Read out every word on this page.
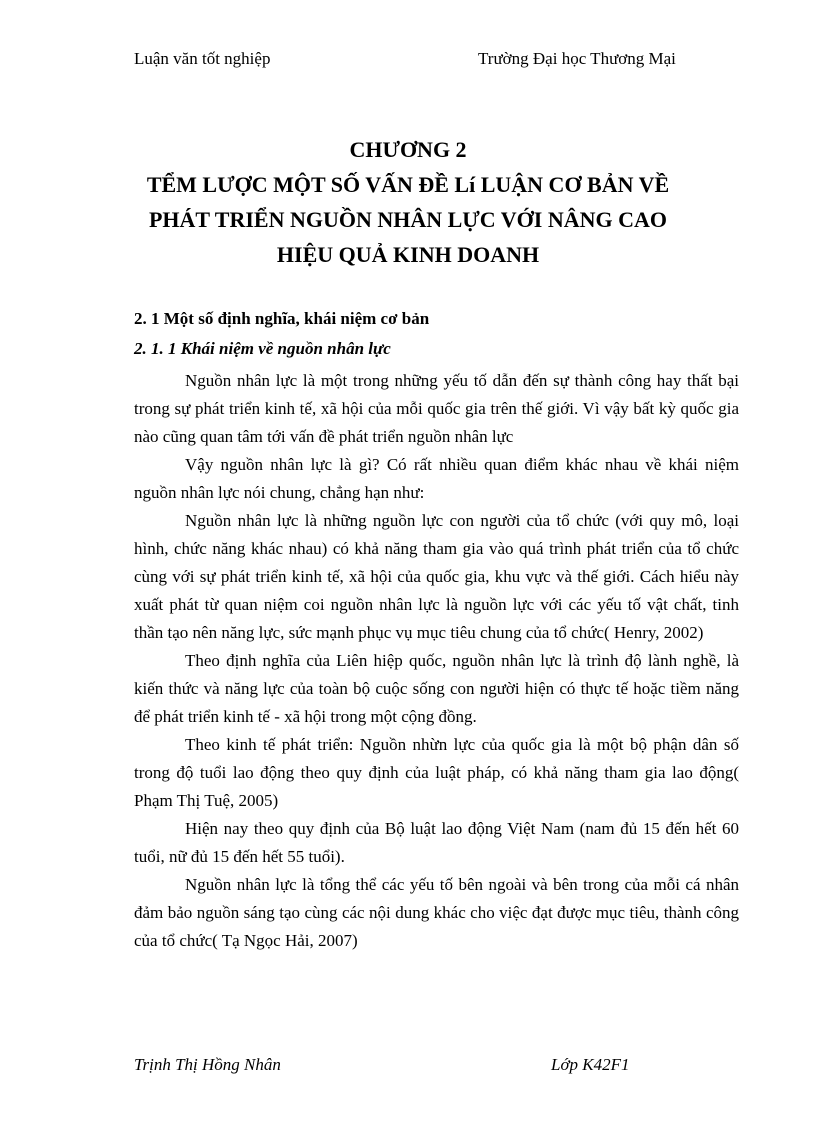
Luận văn tốt nghiệp	Trường Đại học Thương Mại
CHƯƠNG 2
TỂM LƯỢC MỘT SỐ VẤN ĐỀ Lí LUẬN CƠ BẢN VỀ
PHÁT TRIỂN NGUỒN NHÂN LỰC VỚI NÂNG CAO
HIỆU QUẢ KINH DOANH
2. 1 Một số định nghĩa, khái niệm cơ bản
2. 1. 1 Khái niệm về nguồn nhân lực

Nguồn nhân lực là một trong những yếu tố dẫn đến sự thành công hay thất bại trong sự phát triển kinh tế, xã hội của mỗi quốc gia trên thế giới. Vì vậy bất kỳ quốc gia nào cũng quan tâm tới vấn đề phát triển nguồn nhân lực

Vậy nguồn nhân lực là gì? Có rất nhiều quan điểm khác nhau về khái niệm nguồn nhân lực nói chung, chẳng hạn như:

Nguồn nhân lực là những nguồn lực con người của tổ chức (với quy mô, loại hình, chức năng khác nhau) có khả năng tham gia vào quá trình phát triển của tổ chức cùng với sự phát triển kinh tế, xã hội của quốc gia, khu vực và thế giới. Cách hiểu này xuất phát từ quan niệm coi nguồn nhân lực là nguồn lực với các yếu tố vật chất, tinh thần tạo nên năng lực, sức mạnh phục vụ mục tiêu chung của tổ chức( Henry, 2002)

Theo định nghĩa của Liên hiệp quốc, nguồn nhân lực là trình độ lành nghề, là kiến thức và năng lực của toàn bộ cuộc sống con người hiện có thực tế hoặc tiềm năng để phát triển kinh tế - xã hội trong một cộng đồng.

Theo kinh tế phát triển: Nguồn nhừn lực của quốc gia là một bộ phận dân số trong độ tuổi lao động theo quy định của luật pháp, có khả năng tham gia lao động( Phạm Thị Tuệ, 2005)

Hiện nay theo quy định của Bộ luật lao động Việt Nam (nam đủ 15 đến hết 60 tuổi, nữ đủ 15 đến hết 55 tuổi).

Nguồn nhân lực là tổng thể các yếu tố bên ngoài và bên trong của mỗi cá nhân đảm bảo nguồn sáng tạo cùng các nội dung khác cho việc đạt được mục tiêu, thành công của tổ chức( Tạ Ngọc Hải, 2007)

Trịnh Thị Hồng Nhân	Lớp K42F1
